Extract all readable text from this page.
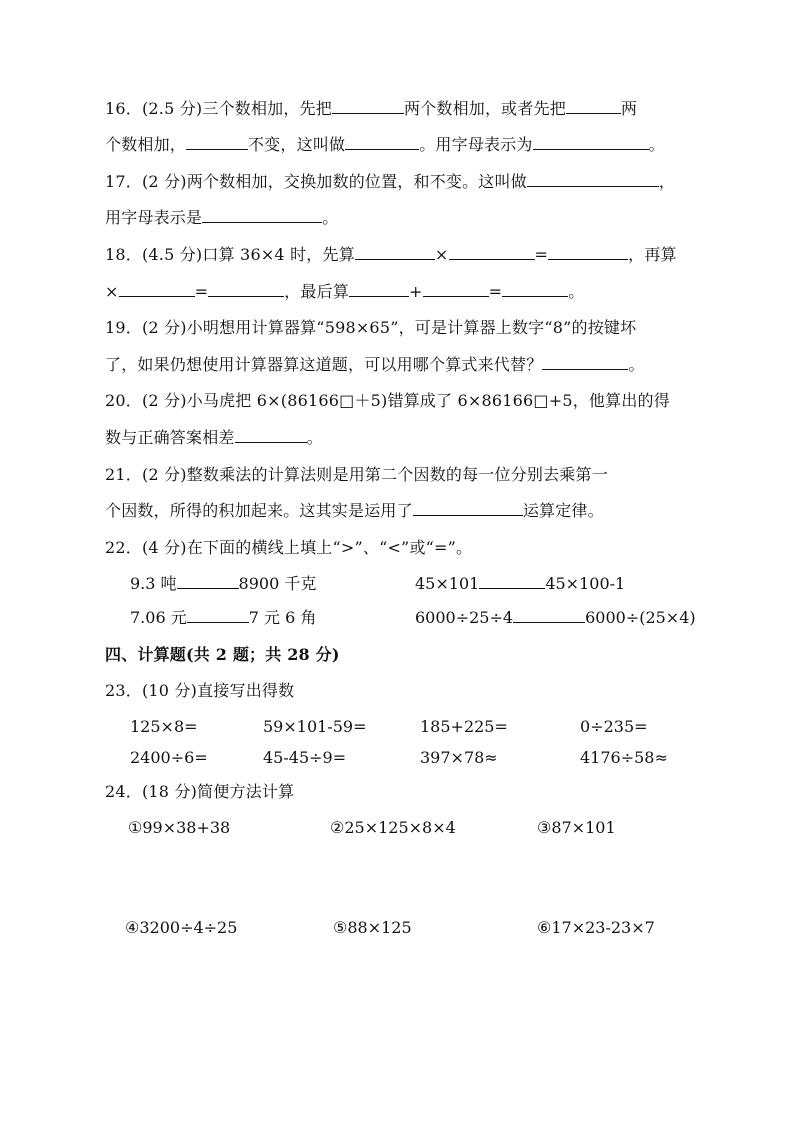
16．(2.5 分)三个数相加，先把	两个数相加，或者先把	两
个数相加，	不变，这叫做	。用字母表示为	。
17．(2 分)两个数相加，交换加数的位置，和不变。这叫做	，
用字母表示是	。
18．(4.5 分)口算 36×4 时，先算	×	=	，再算
×	=	，最后算	+	=	。
19．(2 分)小明想用计算器算“598×65”，可是计算器上数字“8”的按键坏
了，如果仍想使用计算器算这道题，可以用哪个算式来代替？	。
20．(2 分)小马虎把 6×(86166□＋5)错算成了 6×86166□+5，他算出的得
数与正确答案相差	。
21．(2 分)整数乘法的计算法则是用第二个因数的每一位分别去乘第一
个因数，所得的积加起来。这其实是运用了	运算定律。
22．(4 分)在下面的横线上填上“>”、“<”或“=”。
9.3 吨	8900 千克	45×101	45×100-1
7.06 元	7 元 6 角	6000÷25÷4	6000÷(25×4)
四、计算题(共 2 题；共 28 分)
23．(10 分)直接写出得数
125×8=	59×101-59=	185+225=	0÷235=
2400÷6=	45-45÷9=	397×78≈	4176÷58≈
24．(18 分)简便方法计算
①99×38+38	②25×125×8×4	③87×101
④3200÷4÷25	⑤88×125	⑥17×23-23×7
